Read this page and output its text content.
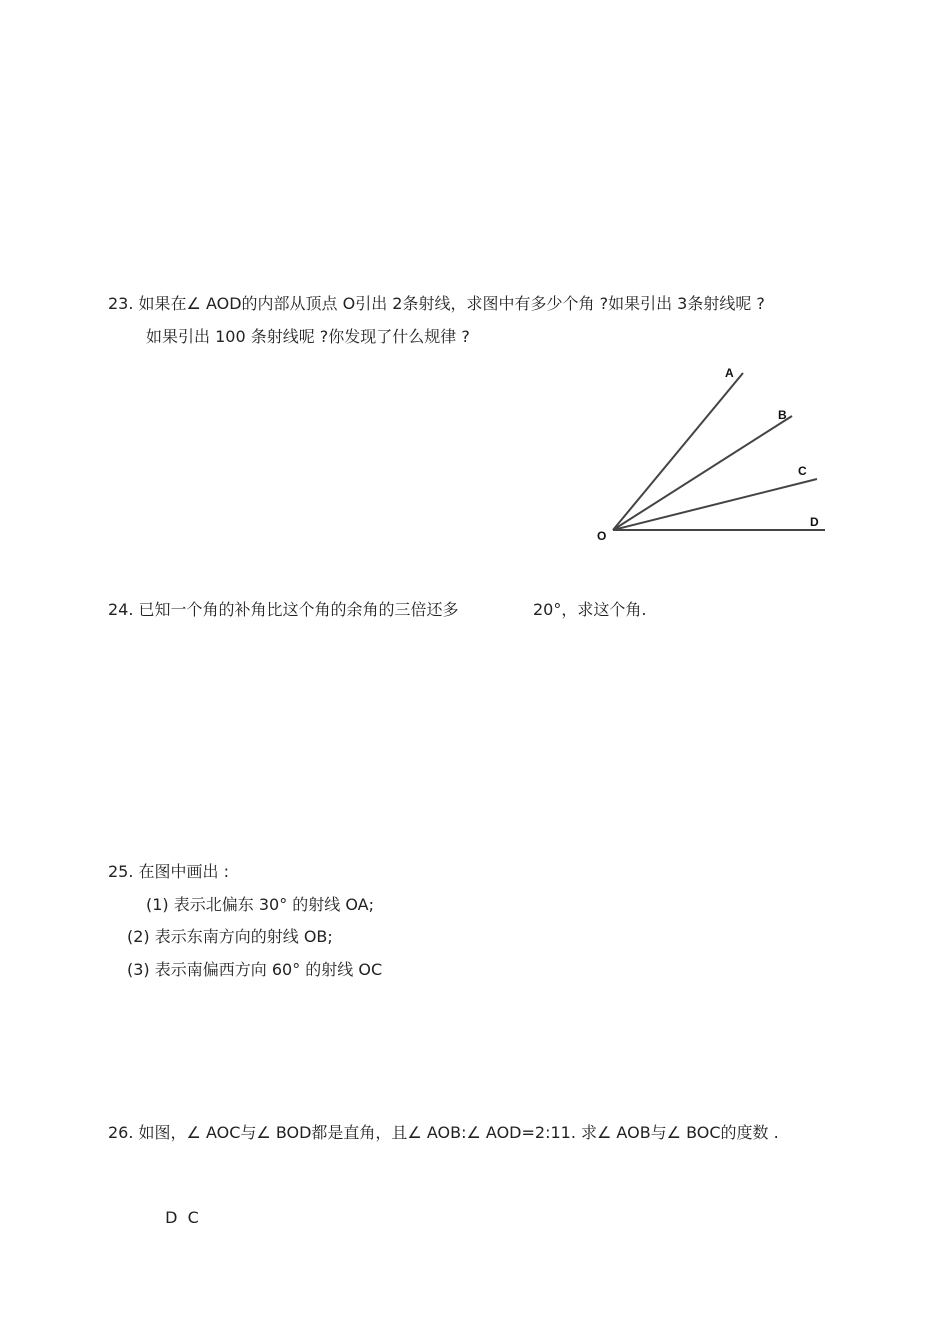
23. 如果在∠ AOD的内部从顶点 O引出 2条射线，求图中有多少个角 ?如果引出 3条射线呢 ?
如果引出 100 条射线呢 ?你发现了什么规律 ?
A
B
C
D
O
24. 已知一个角的补角比这个角的余角的三倍还多	20°，求这个角.
25. 在图中画出 :
(1) 表示北偏东 30° 的射线 OA;
(2) 表示东南方向的射线 OB;
(3) 表示南偏西方向 60° 的射线 OC
26. 如图，∠ AOC与∠ BOD都是直角，且∠ AOB:∠ AOD=2:11. 求∠ AOB与∠ BOC的度数 .

D  C
